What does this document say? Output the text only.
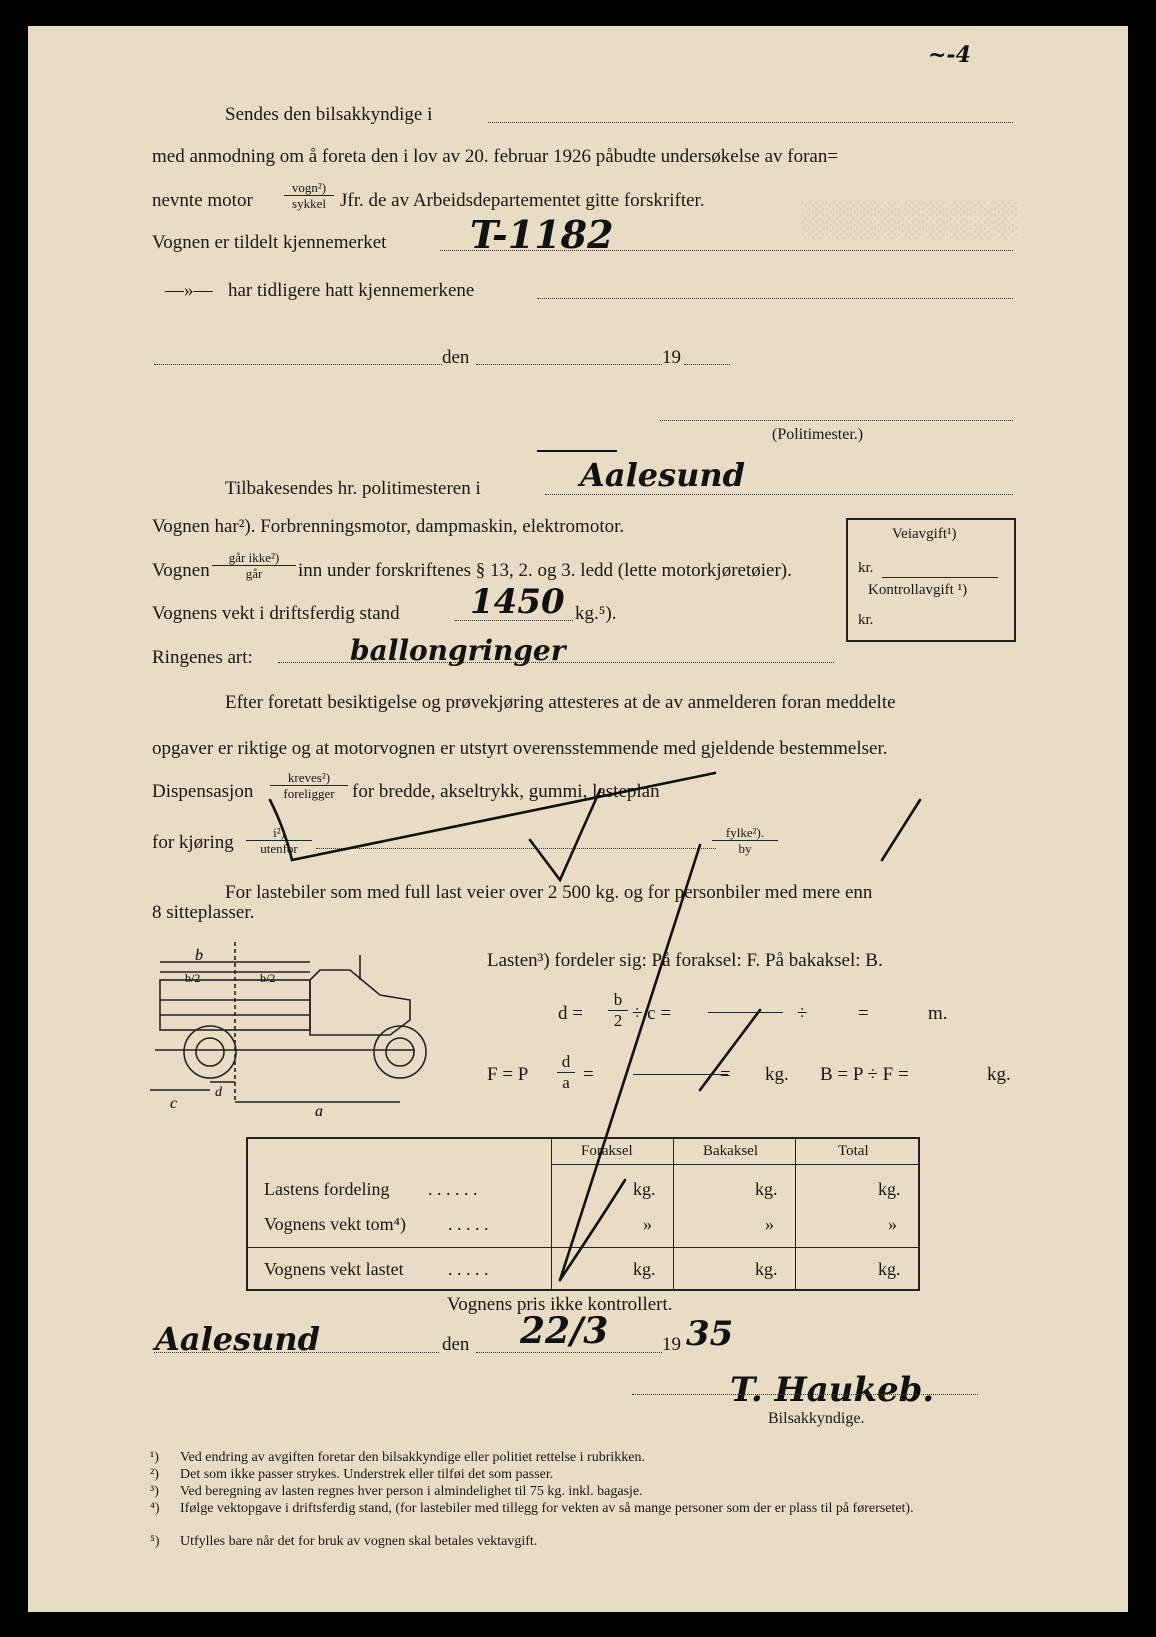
░░░░░░░░░
~-4
Sendes den bilsakkyndige i
med anmodning om å foreta den i lov av 20. februar 1926 påbudte undersøkelse av foran=
nevnte motor
vogn²)
sykkel Jfr. de av Arbeidsdepartementet gitte forskrifter.
Vognen er tildelt kjennemerket T-1182
—»— har tidligere hatt kjennemerkene
den	19
(Politimester.)
Tilbakesendes hr. politimesteren i	Aalesund
Vognen har²). Forbrenningsmotor, dampmaskin, elektromotor.
Vognen
går ikke²)
går	inn under forskriftenes § 13, 2. og 3. ledd (lette motorkjøretøier).
Vognens vekt i driftsferdig stand 1450 kg.⁵).
Ringenes art:	ballongringer
Veiavgift¹)
kr.
Kontrollavgift ¹)
kr.
Efter foretatt besiktigelse og prøvekjøring attesteres at de av anmelderen foran meddelte
opgaver er riktige og at motorvognen er utstyrt overensstemmende med gjeldende bestemmelser.
Dispensasjon
kreves²)
foreligger for bredde, akseltrykk, gummi, lasteplan
for kjøring	i²)
utenfor
fylke²).
by
For lastebiler som med full last veier over 2 500 kg. og for personbiler med mere enn
8 sitteplasser.
b
b/2	b/2
c
d
a
Lasten³) fordeler sig: På foraksel: F. På bakaksel: B.
$d = \frac{b}{2} \div c$ =	÷	=	m.
F = P $\frac{d}{a}$ =	= kg. B = P ÷ F =	kg.
Foraksel	Bakaksel	Total
Lastens fordeling . . . . . .	kg.	kg.	kg.
Vognens vekt tom⁴) . . . . .	»	»	»
Vognens vekt lastet . . . . .	kg.	kg.	kg.
Vognens pris ikke kontrollert.
Aalesund	den 22/3	19 35
T. Haukeb.
Bilsakkyndige.
¹) Ved endring av avgiften foretar den bilsakkyndige eller politiet rettelse i rubrikken.
²) Det som ikke passer strykes. Understrek eller tilføi det som passer.
³) Ved beregning av lasten regnes hver person i almindelighet til 75 kg. inkl. bagasje.
⁴) Ifølge vektopgave i driftsferdig stand, (for lastebiler med tillegg for vekten av så mange personer som der er plass til på førersetet).
⁵) Utfylles bare når det for bruk av vognen skal betales vektavgift.
